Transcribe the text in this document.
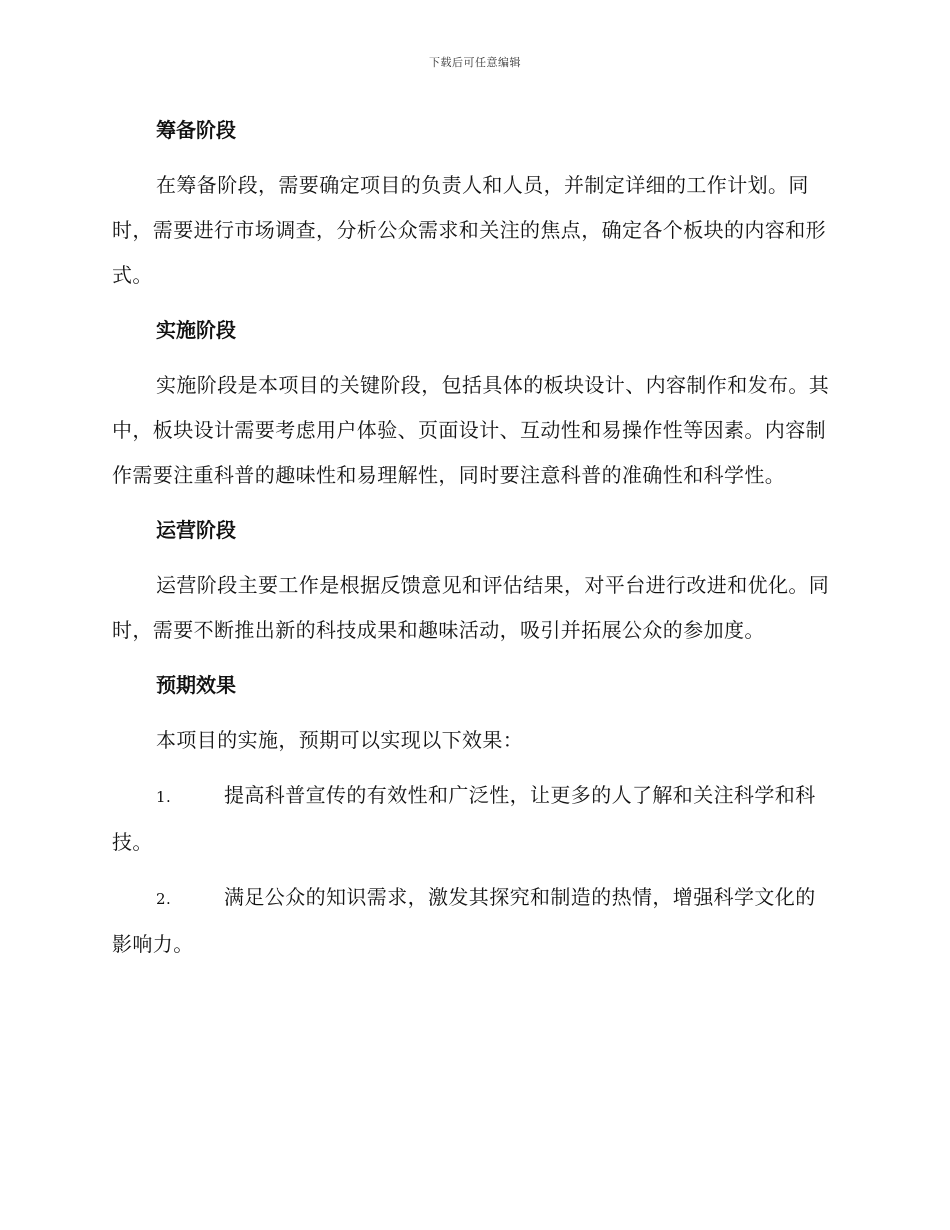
下载后可任意编辑
筹备阶段
在筹备阶段，需要确定项目的负责人和人员，并制定详细的工作计划。同时，需要进行市场调查，分析公众需求和关注的焦点，确定各个板块的内容和形式。
实施阶段
实施阶段是本项目的关键阶段，包括具体的板块设计、内容制作和发布。其中，板块设计需要考虑用户体验、页面设计、互动性和易操作性等因素。内容制作需要注重科普的趣味性和易理解性，同时要注意科普的准确性和科学性。
运营阶段
运营阶段主要工作是根据反馈意见和评估结果，对平台进行改进和优化。同时，需要不断推出新的科技成果和趣味活动，吸引并拓展公众的参加度。
预期效果
本项目的实施，预期可以实现以下效果：
1.	提高科普宣传的有效性和广泛性，让更多的人了解和关注科学和科技。
2.	满足公众的知识需求，激发其探究和制造的热情，增强科学文化的影响力。
